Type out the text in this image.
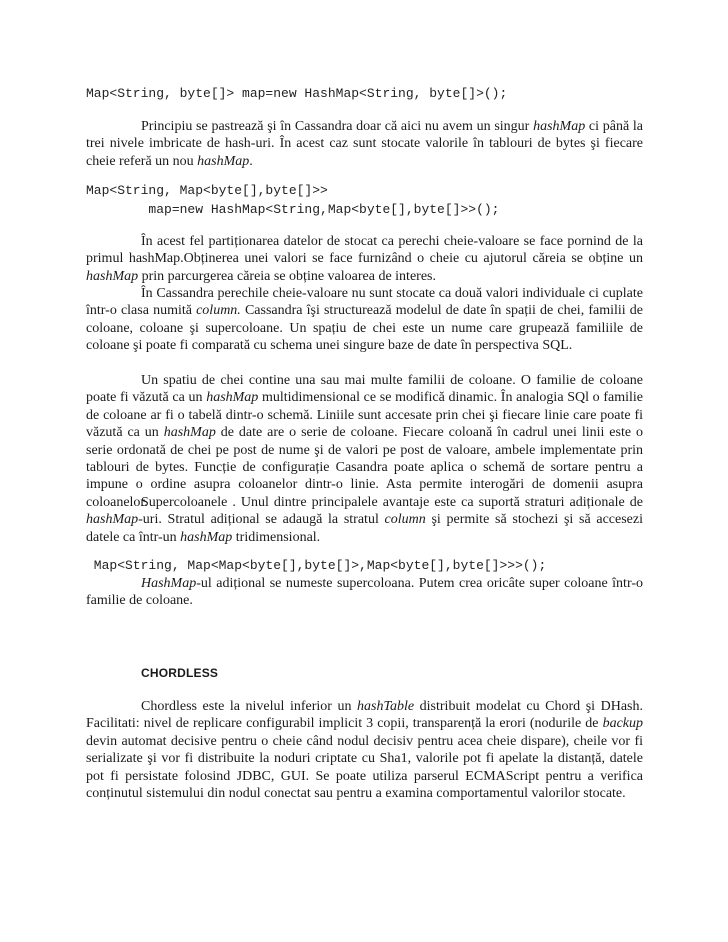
Map<String, byte[]> map=new HashMap<String, byte[]>();

Principiu se pastrează şi în Cassandra doar că aici nu avem un singur hashMap ci până la trei nivele imbricate de hash-uri. În acest caz sunt stocate valorile în tablouri de bytes şi fiecare cheie referă un nou hashMap.

Map<String, Map<byte[],byte[]>>
map=new HashMap<String,Map<byte[],byte[]>>();

În acest fel partiționarea datelor de stocat ca perechi cheie-valoare se face pornind de la primul hashMap.Obținerea unei valori se face furnizând o cheie cu ajutorul căreia se obține un hashMap prin parcurgerea căreia se obține valoarea de interes.

În Cassandra perechile cheie-valoare nu sunt stocate ca două valori individuale ci cuplate într-o clasa numită column. Cassandra îşi structurează modelul de date în spații de chei, familii de coloane, coloane şi supercoloane. Un spațiu de chei este un nume care grupează familiile de coloane şi poate fi comparată cu schema unei singure baze de date în perspectiva SQL.

Un spatiu de chei contine una sau mai multe familii de coloane. O familie de coloane poate fi văzută ca un hashMap multidimensional ce se modifică dinamic. În analogia SQl o familie de coloane ar fi o tabelă dintr-o schemă. Liniile sunt accesate prin chei şi fiecare linie care poate fi văzută ca un hashMap de date are o serie de coloane. Fiecare coloană în cadrul unei linii este o serie ordonată de chei pe post de nume şi de valori pe post de valoare, ambele implementate prin tablouri de bytes. Funcție de configurație Casandra poate aplica o schemă de sortare pentru a impune o ordine asupra coloanelor dintr-o linie. Asta permite interogări de domenii asupra coloanelor.

Supercoloanele . Unul dintre principalele avantaje este ca suportă straturi adiționale de hashMap-uri. Stratul adițional se adaugă la stratul column şi permite să stochezi şi să accesezi datele ca într-un hashMap tridimensional.

Map<String, Map<Map<byte[],byte[]>,Map<byte[],byte[]>>>();

HashMap-ul adițional se numeste supercoloana. Putem crea oricâte super coloane într-o familie de coloane.

CHORDLESS

Chordless este la nivelul inferior un hashTable distribuit modelat cu Chord şi DHash. Facilitati: nivel de replicare configurabil implicit 3 copii, transparență la erori (nodurile de backup devin automat decisive pentru o cheie când nodul decisiv pentru acea cheie dispare), cheile vor fi serializate şi vor fi distribuite la noduri criptate cu Sha1, valorile pot fi apelate la distanță, datele pot fi persistate folosind JDBC, GUI. Se poate utiliza parserul ECMAScript pentru a verifica conținutul sistemului din nodul conectat sau pentru a examina comportamentul valorilor stocate.
